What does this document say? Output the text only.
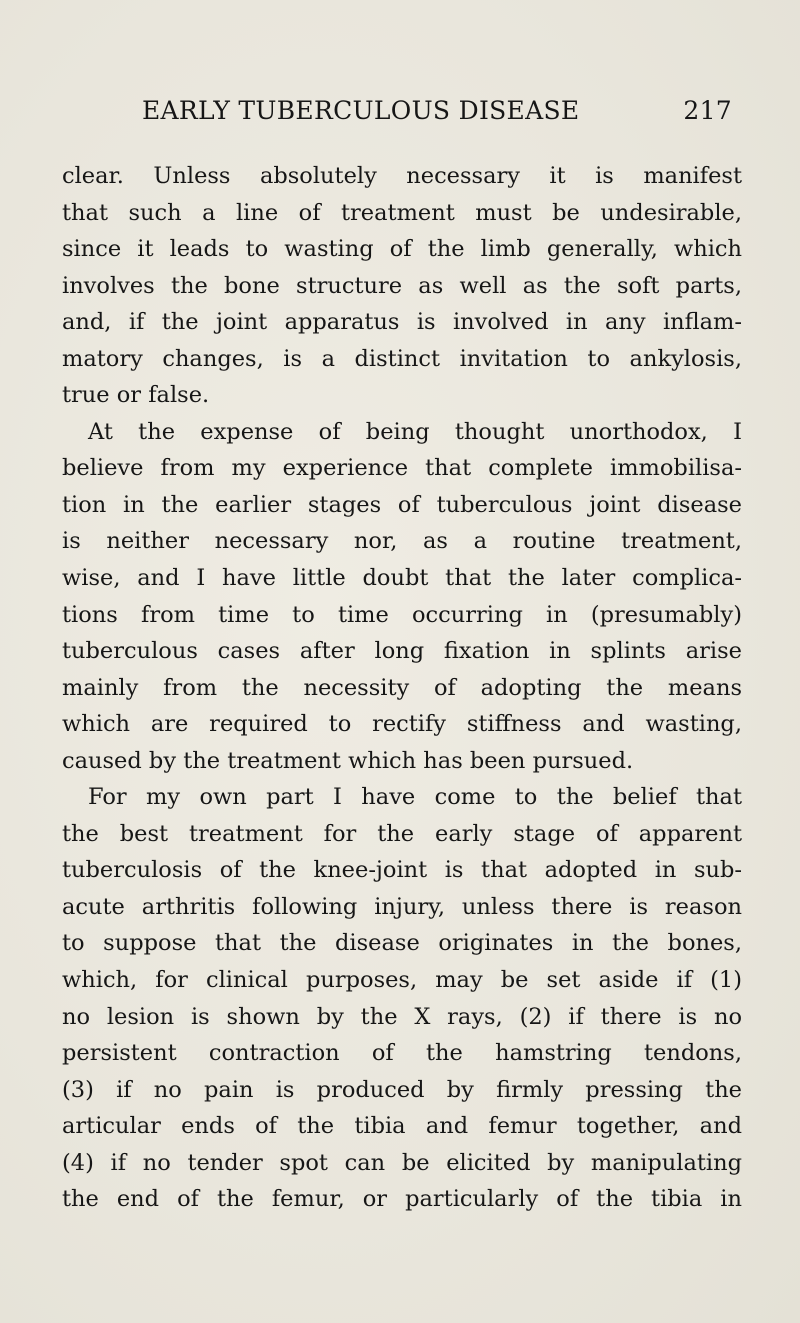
EARLY TUBERCULOUS DISEASE	217
clear. Unless absolutely necessary it is manifest
that such a line of treatment must be undesirable,
since it leads to wasting of the limb generally, which
involves the bone structure as well as the soft parts,
and, if the joint apparatus is involved in any inflam-
matory changes, is a distinct invitation to ankylosis,
true or false.
At the expense of being thought unorthodox, I
believe from my experience that complete immobilisa-
tion in the earlier stages of tuberculous joint disease
is neither necessary nor, as a routine treatment,
wise, and I have little doubt that the later complica-
tions from time to time occurring in (presumably)
tuberculous cases after long fixation in splints arise
mainly from the necessity of adopting the means
which are required to rectify stiffness and wasting,
caused by the treatment which has been pursued.
For my own part I have come to the belief that
the best treatment for the early stage of apparent
tuberculosis of the knee-joint is that adopted in sub-
acute arthritis following injury, unless there is reason
to suppose that the disease originates in the bones,
which, for clinical purposes, may be set aside if (1)
no lesion is shown by the X rays, (2) if there is no
persistent contraction of the hamstring tendons,
(3) if no pain is produced by firmly pressing the
articular ends of the tibia and femur together, and
(4) if no tender spot can be elicited by manipulating
the end of the femur, or particularly of the tibia in
